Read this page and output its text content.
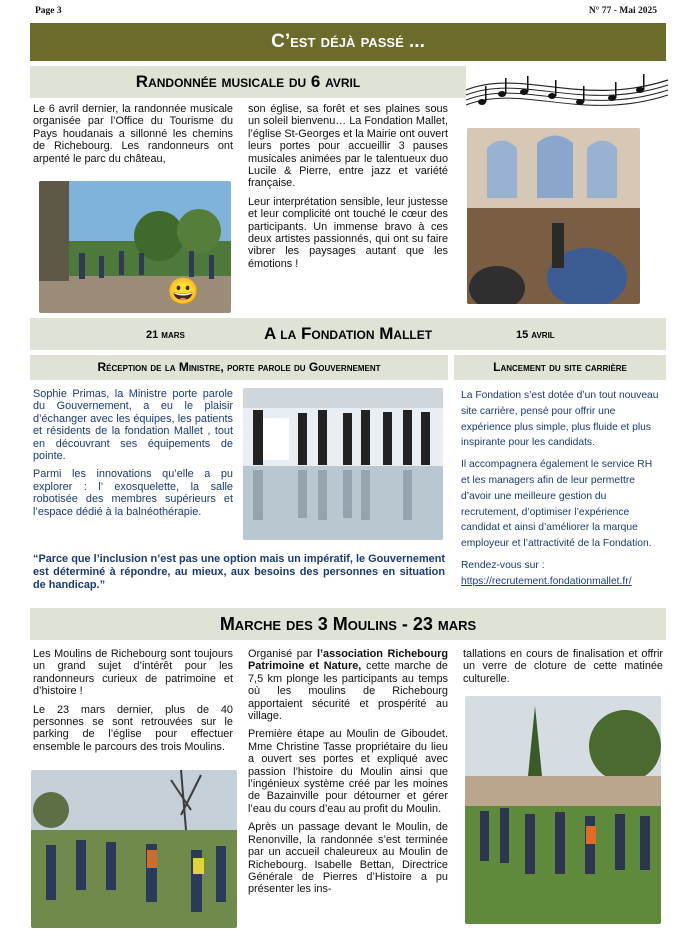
Page 3	N° 77 - Mai 2025
C’est déjà passé ...
Randonnée musicale du 6 avril

Le 6 avril dernier, la randonnée musicale organisée par l’Office du Tourisme du Pays houdanais a sillonné les chemins de Richebourg. Les randonneurs ont arpenté le parc du château,

😀

son église, sa forêt et ses plaines sous un soleil bienvenu… La Fondation Mallet, l’église St-Georges et la Mairie ont ouvert leurs portes pour accueillir 3 pauses musicales animées par le talentueux duo Lucile & Pierre, entre jazz et variété française.

Leur interprétation sensible, leur justesse et leur complicité ont touché le cœur des participants. Un immense bravo à ces deux artistes passionnés, qui ont su faire vibrer les paysages autant que les émotions !

21 mars	A la Fondation Mallet	15 avril
Réception de la Ministre, porte parole du Gouvernement	Lancement du site carrière

Sophie Primas, la Ministre porte parole du Gouvernement, a eu le plaisir d’échanger avec les équipes, les patients et résidents de la fondation Mallet , tout en découvrant ses équipements de pointe.

Parmi les innovations qu’elle a pu explorer : l’ exosquelette, la salle robotisée des membres supérieurs et l’espace dédié à la balnéothérapie.

“Parce que l’inclusion n’est pas une option mais un impératif, le Gouvernement est déterminé à répondre, au mieux, aux besoins des personnes en situation de handicap.”

La Fondation s’est dotée d’un tout nouveau site carrière, pensé pour offrir une expérience plus simple, plus fluide et plus inspirante pour les candidats.

Il accompagnera également le service RH et les managers afin de leur permettre d’avoir une meilleure gestion du recrutement, d’optimiser l’expérience candidat et ainsi d’améliorer la marque employeur et l’attractivité de la Fondation.

Rendez-vous sur :

https://recrutement.fondationmallet.fr/
Marche des 3 Moulins - 23 mars

Les Moulins de Richebourg sont toujours un grand sujet d’intérêt pour les randonneurs curieux de patrimoine et d’histoire !

Le 23 mars dernier, plus de 40 personnes se sont retrouvées sur le parking de l’église pour effectuer ensemble le parcours des trois Moulins.

Organisé par l’association Richebourg Patrimoine et Nature, cette marche de 7,5 km plonge les participants au temps où les moulins de Richebourg apportaient sécurité et prospérité au village.

Première étape au Moulin de Giboudet. Mme Christine Tasse propriétaire du lieu a ouvert ses portes et expliqué avec passion l’histoire du Moulin ainsi que l’ingénieux système créé par les moines de Bazainville pour détourner et gérer l’eau du cours d’eau au profit du Moulin.

Après un passage devant le Moulin, de Renonville, la randonnée s’est terminée par un accueil chaleureux au Moulin de Richebourg. Isabelle Bettan, Directrice Générale de Pierres d’Histoire a pu présenter les ins-

tallations en cours de finalisation et offrir un verre de cloture de cette matinée culturelle.
